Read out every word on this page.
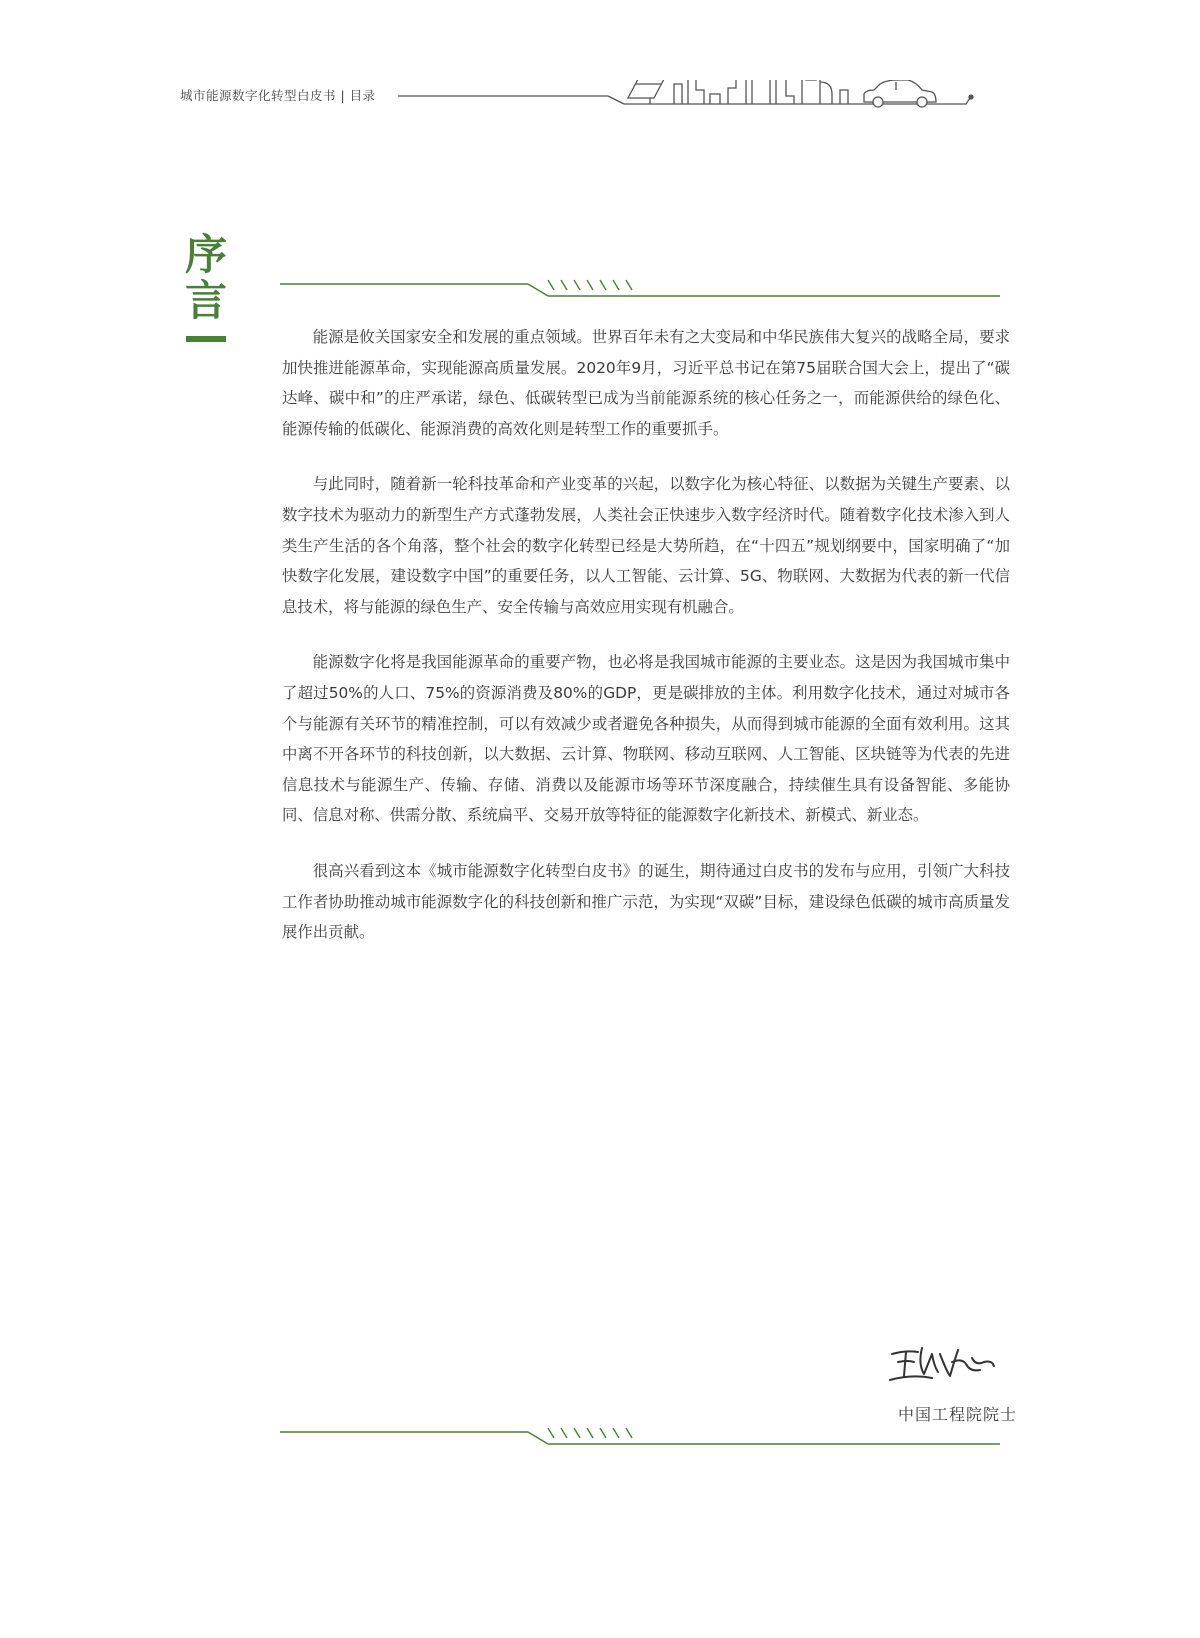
城市能源数字化转型白皮书 | 目录
序
言

能源是攸关国家安全和发展的重点领域。世界百年未有之大变局和中华民族伟大复兴的战略全局，要求加快推进能源革命，实现能源高质量发展。2020年9月，习近平总书记在第75届联合国大会上，提出了“碳达峰、碳中和”的庄严承诺，绿色、低碳转型已成为当前能源系统的核心任务之一，而能源供给的绿色化、能源传输的低碳化、能源消费的高效化则是转型工作的重要抓手。

与此同时，随着新一轮科技革命和产业变革的兴起，以数字化为核心特征、以数据为关键生产要素、以数字技术为驱动力的新型生产方式蓬勃发展，人类社会正快速步入数字经济时代。随着数字化技术渗入到人类生产生活的各个角落，整个社会的数字化转型已经是大势所趋，在“十四五”规划纲要中，国家明确了“加快数字化发展，建设数字中国”的重要任务，以人工智能、云计算、5G、物联网、大数据为代表的新一代信息技术，将与能源的绿色生产、安全传输与高效应用实现有机融合。

能源数字化将是我国能源革命的重要产物，也必将是我国城市能源的主要业态。这是因为我国城市集中了超过50%的人口、75%的资源消费及80%的GDP，更是碳排放的主体。利用数字化技术，通过对城市各个与能源有关环节的精准控制，可以有效减少或者避免各种损失，从而得到城市能源的全面有效利用。这其中离不开各环节的科技创新，以大数据、云计算、物联网、移动互联网、人工智能、区块链等为代表的先进信息技术与能源生产、传输、存储、消费以及能源市场等环节深度融合，持续催生具有设备智能、多能协同、信息对称、供需分散、系统扁平、交易开放等特征的能源数字化新技术、新模式、新业态。

很高兴看到这本《城市能源数字化转型白皮书》的诞生，期待通过白皮书的发布与应用，引领广大科技工作者协助推动城市能源数字化的科技创新和推广示范，为实现“双碳”目标，建设绿色低碳的城市高质量发展作出贡献。

中国工程院院士
